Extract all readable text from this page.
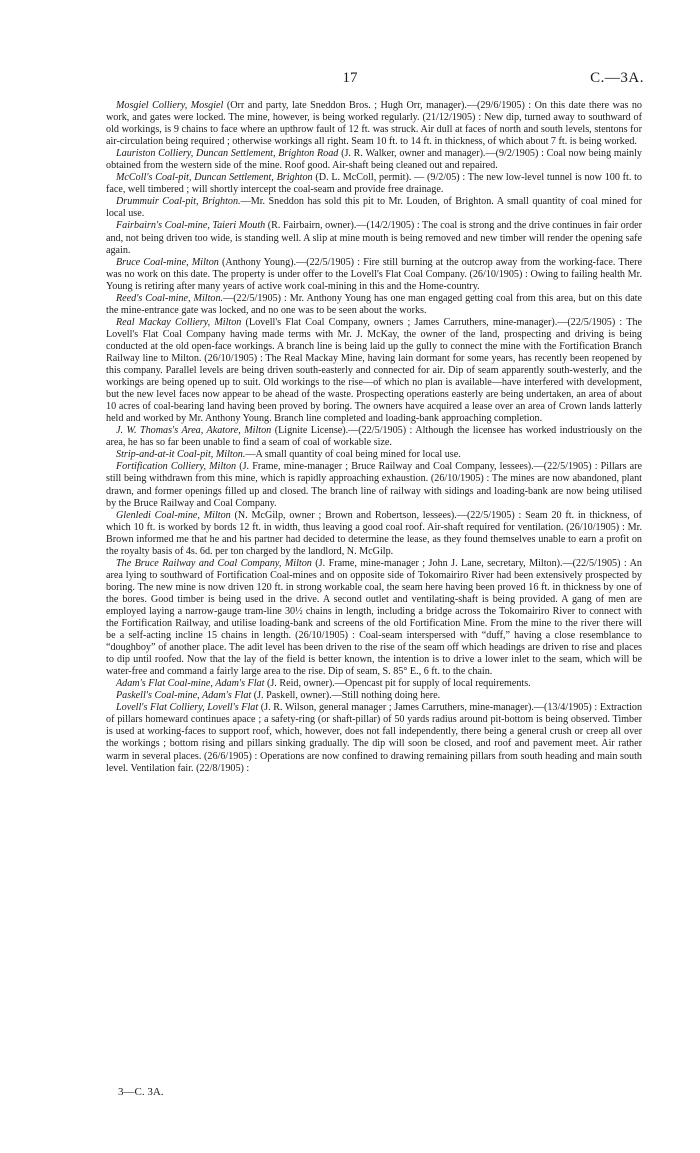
17	C.—3A.

Mosgiel Colliery, Mosgiel (Orr and party, late Sneddon Bros. ; Hugh Orr, manager).—(29/6/1905) : On this date there was no work, and gates were locked. The mine, however, is being worked regularly. (21/12/1905) : New dip, turned away to southward of old workings, is 9 chains to face where an upthrow fault of 12 ft. was struck. Air dull at faces of north and south levels, stentons for air-circulation being required ; otherwise workings all right. Seam 10 ft. to 14 ft. in thickness, of which about 7 ft. is being worked.

Lauriston Colliery, Duncan Settlement, Brighton Road (J. R. Walker, owner and manager).—(9/2/1905) : Coal now being mainly obtained from the western side of the mine. Roof good. Air-shaft being cleaned out and repaired.

McColl's Coal-pit, Duncan Settlement, Brighton (D. L. McColl, permit). — (9/2/05) : The new low-level tunnel is now 100 ft. to face, well timbered ; will shortly intercept the coal-seam and provide free drainage.

Drummuir Coal-pit, Brighton.—Mr. Sneddon has sold this pit to Mr. Louden, of Brighton. A small quantity of coal mined for local use.

Fairbairn's Coal-mine, Taieri Mouth (R. Fairbairn, owner).—(14/2/1905) : The coal is strong and the drive continues in fair order and, not being driven too wide, is standing well. A slip at mine mouth is being removed and new timber will render the opening safe again.

Bruce Coal-mine, Milton (Anthony Young).—(22/5/1905) : Fire still burning at the outcrop away from the working-face. There was no work on this date. The property is under offer to the Lovell's Flat Coal Company. (26/10/1905) : Owing to failing health Mr. Young is retiring after many years of active work coal-mining in this and the Home-country.

Reed's Coal-mine, Milton.—(22/5/1905) : Mr. Anthony Young has one man engaged getting coal from this area, but on this date the mine-entrance gate was locked, and no one was to be seen about the works.

Real Mackay Colliery, Milton (Lovell's Flat Coal Company, owners ; James Carruthers, mine-manager).—(22/5/1905) : The Lovell's Flat Coal Company having made terms with Mr. J. McKay, the owner of the land, prospecting and driving is being conducted at the old open-face workings. A branch line is being laid up the gully to connect the mine with the Fortification Branch Railway line to Milton. (26/10/1905) : The Real Mackay Mine, having lain dormant for some years, has recently been reopened by this company. Parallel levels are being driven south-easterly and connected for air. Dip of seam apparently south-westerly, and the workings are being opened up to suit. Old workings to the rise—of which no plan is available—have interfered with development, but the new level faces now appear to be ahead of the waste. Prospecting operations easterly are being undertaken, an area of about 10 acres of coal-bearing land having been proved by boring. The owners have acquired a lease over an area of Crown lands latterly held and worked by Mr. Anthony Young. Branch line completed and loading-bank approaching completion.

J. W. Thomas's Area, Akatore, Milton (Lignite License).—(22/5/1905) : Although the licensee has worked industriously on the area, he has so far been unable to find a seam of coal of workable size.

Strip-and-at-it Coal-pit, Milton.—A small quantity of coal being mined for local use.

Fortification Colliery, Milton (J. Frame, mine-manager ; Bruce Railway and Coal Company, lessees).—(22/5/1905) : Pillars are still being withdrawn from this mine, which is rapidly approaching exhaustion. (26/10/1905) : The mines are now abandoned, plant drawn, and former openings filled up and closed. The branch line of railway with sidings and loading-bank are now being utilised by the Bruce Railway and Coal Company.

Glenledi Coal-mine, Milton (N. McGilp, owner ; Brown and Robertson, lessees).—(22/5/1905) : Seam 20 ft. in thickness, of which 10 ft. is worked by bords 12 ft. in width, thus leaving a good coal roof. Air-shaft required for ventilation. (26/10/1905) : Mr. Brown informed me that he and his partner had decided to determine the lease, as they found themselves unable to earn a profit on the royalty basis of 4s. 6d. per ton charged by the landlord, N. McGilp.

The Bruce Railway and Coal Company, Milton (J. Frame, mine-manager ; John J. Lane, secretary, Milton).—(22/5/1905) : An area lying to southward of Fortification Coal-mines and on opposite side of Tokomairiro River had been extensively prospected by boring. The new mine is now driven 120 ft. in strong workable coal, the seam here having been proved 16 ft. in thickness by one of the bores. Good timber is being used in the drive. A second outlet and ventilating-shaft is being provided. A gang of men are employed laying a narrow-gauge tram-line 30½ chains in length, including a bridge across the Tokomairiro River to connect with the Fortification Railway, and utilise loading-bank and screens of the old Fortification Mine. From the mine to the river there will be a self-acting incline 15 chains in length. (26/10/1905) : Coal-seam interspersed with “duff,” having a close resemblance to “doughboy” of another place. The adit level has been driven to the rise of the seam off which headings are driven to rise and places to dip until roofed. Now that the lay of the field is better known, the intention is to drive a lower inlet to the seam, which will be water-free and command a fairly large area to the rise. Dip of seam, S. 85° E., 6 ft. to the chain.

Adam's Flat Coal-mine, Adam's Flat (J. Reid, owner).—Opencast pit for supply of local requirements.

Paskell's Coal-mine, Adam's Flat (J. Paskell, owner).—Still nothing doing here.

Lovell's Flat Colliery, Lovell's Flat (J. R. Wilson, general manager ; James Carruthers, mine-manager).—(13/4/1905) : Extraction of pillars homeward continues apace ; a safety-ring (or shaft-pillar) of 50 yards radius around pit-bottom is being observed. Timber is used at working-faces to support roof, which, however, does not fall independently, there being a general crush or creep all over the workings ; bottom rising and pillars sinking gradually. The dip will soon be closed, and roof and pavement meet. Air rather warm in several places. (26/6/1905) : Operations are now confined to drawing remaining pillars from south heading and main south level. Ventilation fair. (22/8/1905) :

3—C. 3A.
